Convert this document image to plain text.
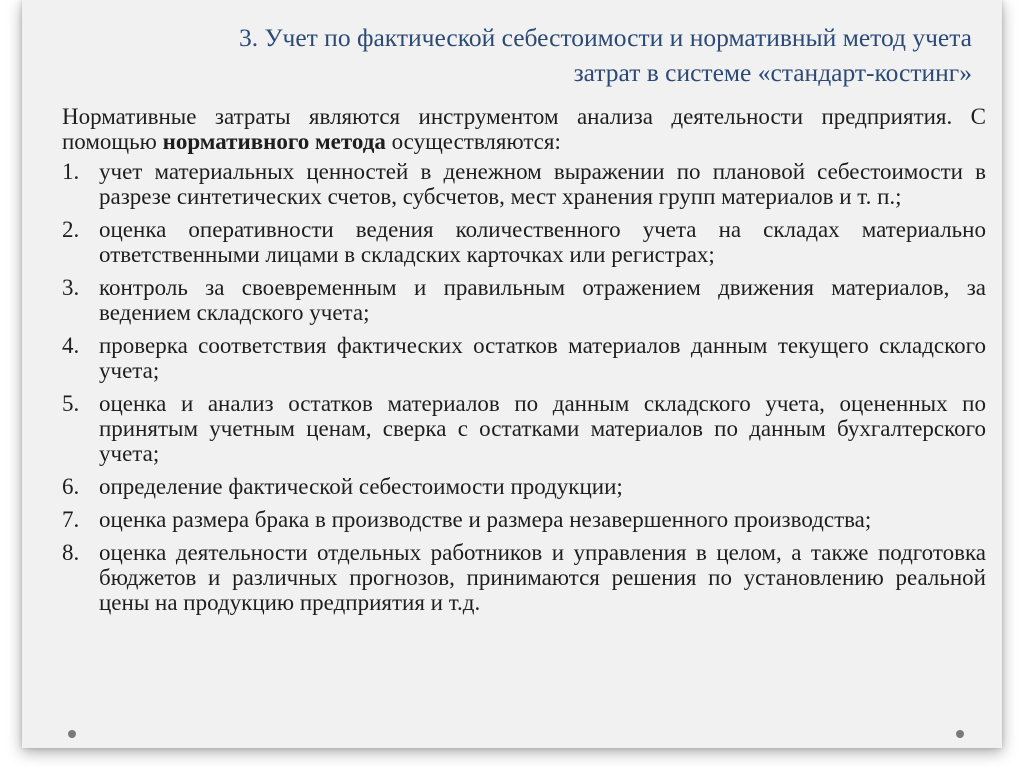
3. Учет по фактической себестоимости и нормативный метод учета
затрат в системе «стандарт-костинг»

Нормативные затраты являются инструментом анализа деятельности предприятия. С помощью нормативного метода осуществляются:

1. учет материальных ценностей в денежном выражении по плановой себестоимости в разрезе синтетических счетов, субсчетов, мест хранения групп материалов и т. п.;
2. оценка оперативности ведения количественного учета на складах материально ответственными лицами в складских карточках или регистрах;
3. контроль за своевременным и правильным отражением движения материалов, за ведением складского учета;
4. проверка соответствия фактических остатков материалов данным текущего складского учета;
5. оценка и анализ остатков материалов по данным складского учета, оцененных по принятым учетным ценам, сверка с остатками материалов по данным бухгалтерского учета;
6. определение фактической себестоимости продукции;
7. оценка размера брака в производстве и размера незавершенного производства;
8. оценка деятельности отдельных работников и управления в целом, а также подготовка бюджетов и различных прогнозов, принимаются решения по установлению реальной цены на продукцию предприятия и т.д.
